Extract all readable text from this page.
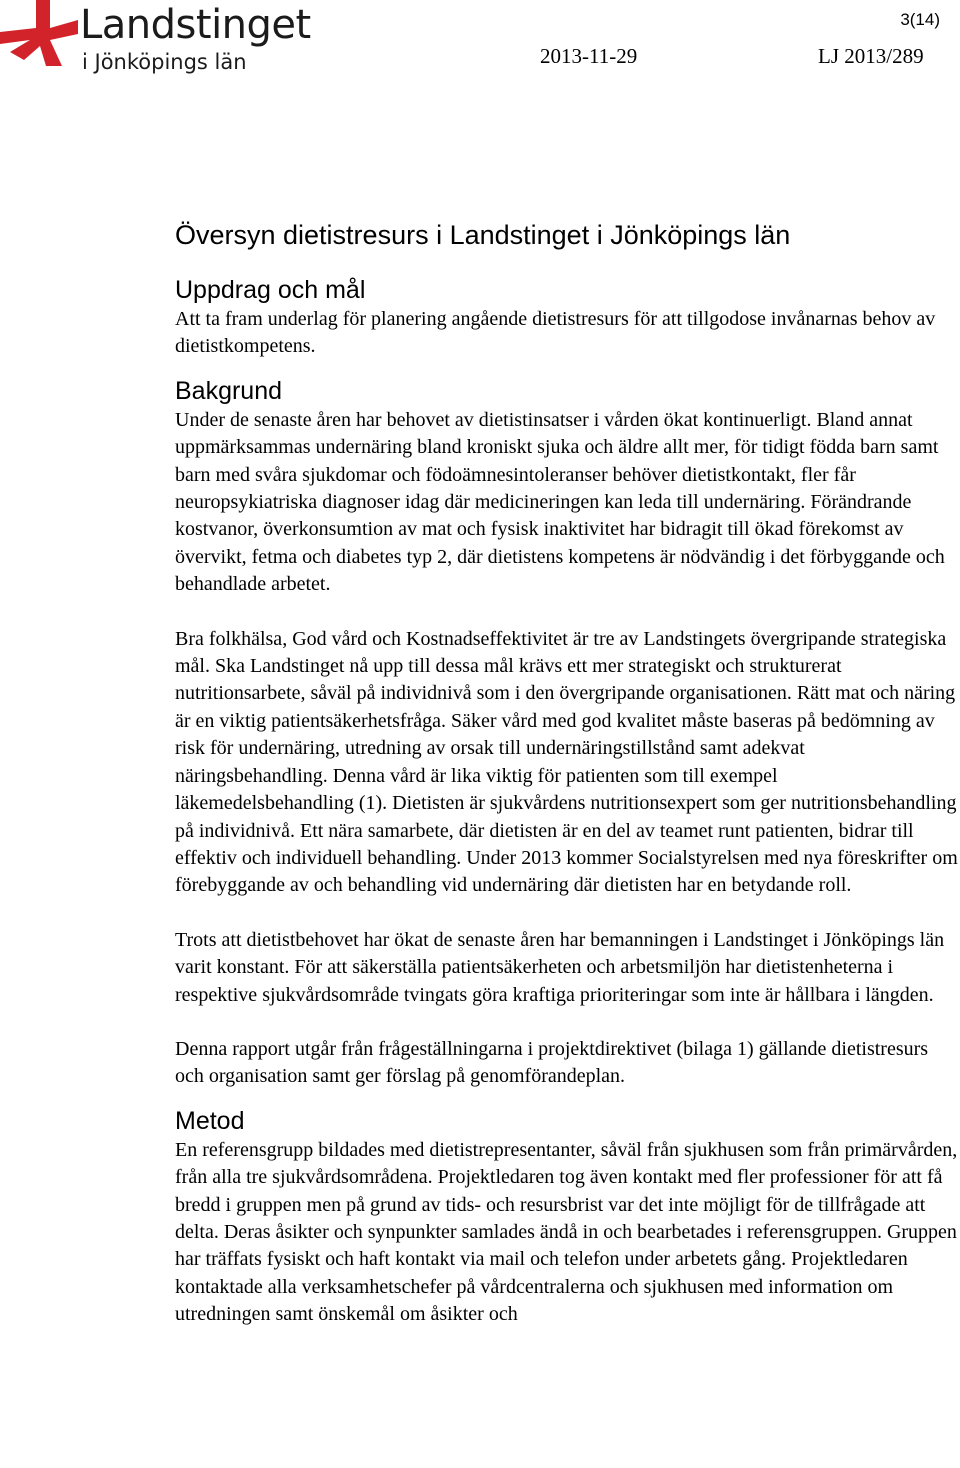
Landstinget
i Jönköpings län
3(14)
2013-11-29	LJ 2013/289
Översyn dietistresurs i Landstinget i Jönköpings län
Uppdrag och mål

Att ta fram underlag för planering angående dietistresurs för att tillgodose invånarnas behov av dietistkompetens.

Bakgrund

Under de senaste åren har behovet av dietistinsatser i vården ökat kontinuerligt. Bland annat uppmärksammas undernäring bland kroniskt sjuka och äldre allt mer, för tidigt födda barn samt barn med svåra sjukdomar och födoämnesintoleranser behöver dietistkontakt, fler får neuropsykiatriska diagnoser idag där medicineringen kan leda till undernäring. Förändrande kostvanor, överkonsumtion av mat och fysisk inaktivitet har bidragit till ökad förekomst av övervikt, fetma och diabetes typ 2, där dietistens kompetens är nödvändig i det förbyggande och behandlade arbetet.

Bra folkhälsa, God vård och Kostnadseffektivitet är tre av Landstingets övergripande strategiska mål. Ska Landstinget nå upp till dessa mål krävs ett mer strategiskt och strukturerat nutritionsarbete, såväl på individnivå som i den övergripande organisationen. Rätt mat och näring är en viktig patientsäkerhetsfråga. Säker vård med god kvalitet måste baseras på bedömning av risk för undernäring, utredning av orsak till undernäringstillstånd samt adekvat näringsbehandling. Denna vård är lika viktig för patienten som till exempel läkemedelsbehandling (1). Dietisten är sjukvårdens nutritionsexpert som ger nutritionsbehandling på individnivå. Ett nära samarbete, där dietisten är en del av teamet runt patienten, bidrar till effektiv och individuell behandling. Under 2013 kommer Socialstyrelsen med nya föreskrifter om förebyggande av och behandling vid undernäring där dietisten har en betydande roll.

Trots att dietistbehovet har ökat de senaste åren har bemanningen i Landstinget i Jönköpings län varit konstant. För att säkerställa patientsäkerheten och arbetsmiljön har dietistenheterna i respektive sjukvårdsområde tvingats göra kraftiga prioriteringar som inte är hållbara i längden.

Denna rapport utgår från frågeställningarna i projektdirektivet (bilaga 1) gällande dietistresurs och organisation samt ger förslag på genomförandeplan.

Metod

En referensgrupp bildades med dietistrepresentanter, såväl från sjukhusen som från primärvården, från alla tre sjukvårdsområdena. Projektledaren tog även kontakt med fler professioner för att få bredd i gruppen men på grund av tids- och resursbrist var det inte möjligt för de tillfrågade att delta. Deras åsikter och synpunkter samlades ändå in och bearbetades i referensgruppen. Gruppen har träffats fysiskt och haft kontakt via mail och telefon under arbetets gång. Projektledaren kontaktade alla verksamhetschefer på vårdcentralerna och sjukhusen med information om utredningen samt önskemål om åsikter och
